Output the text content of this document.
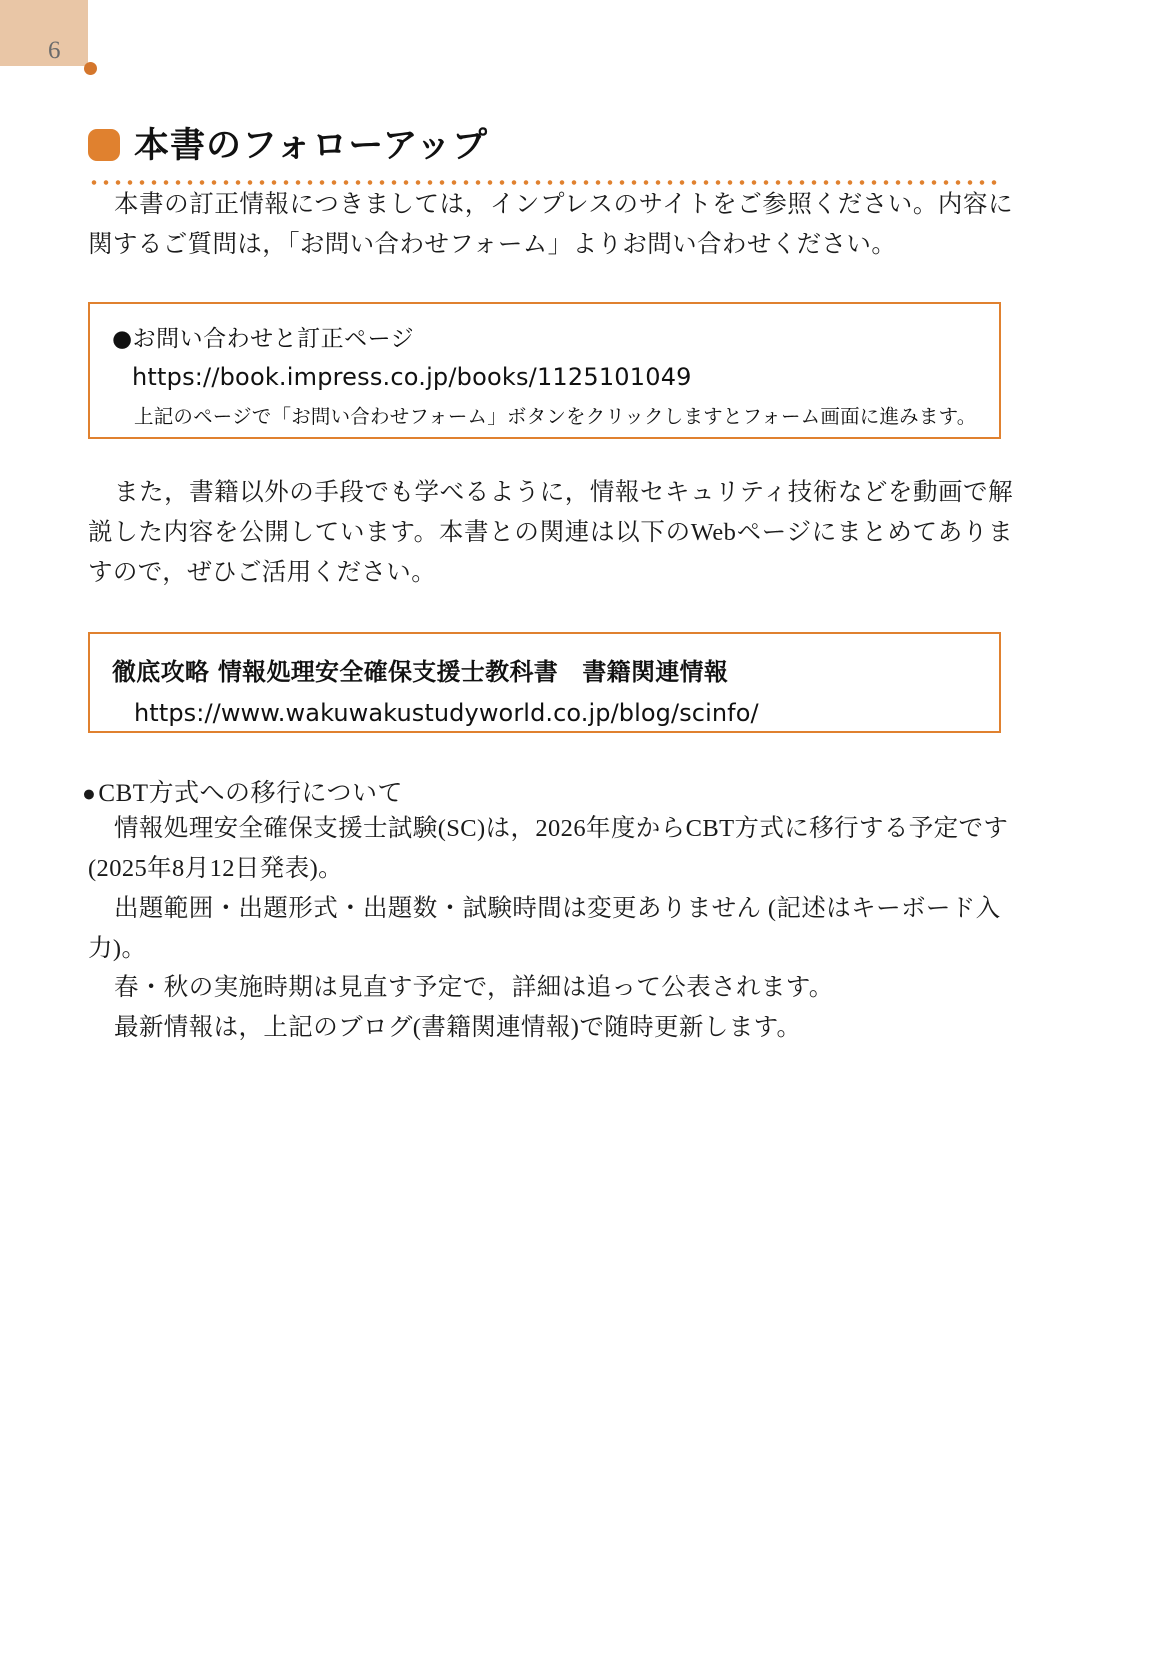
6
本書のフォローアップ

本書の訂正情報につきましては，インプレスのサイトをご参照ください。内容に関するご質問は，「お問い合わせフォーム」よりお問い合わせください。

●お問い合わせと訂正ページ
https://book.impress.co.jp/books/1125101049
上記のページで「お問い合わせフォーム」ボタンをクリックしますとフォーム画面に進みます。

また，書籍以外の手段でも学べるように，情報セキュリティ技術などを動画で解説した内容を公開しています。本書との関連は以下のWebページにまとめてありますので，ぜひご活用ください。

徹底攻略 情報処理安全確保支援士教科書　書籍関連情報
https://www.wakuwakustudyworld.co.jp/blog/scinfo/
●CBT方式への移行について

情報処理安全確保支援士試験(SC)は，2026年度からCBT方式に移行する予定です

(2025年8月12日発表)。

出題範囲・出題形式・出題数・試験時間は変更ありません (記述はキーボード入力)。

春・秋の実施時期は見直す予定で，詳細は追って公表されます。

最新情報は，上記のブログ(書籍関連情報)で随時更新します。
